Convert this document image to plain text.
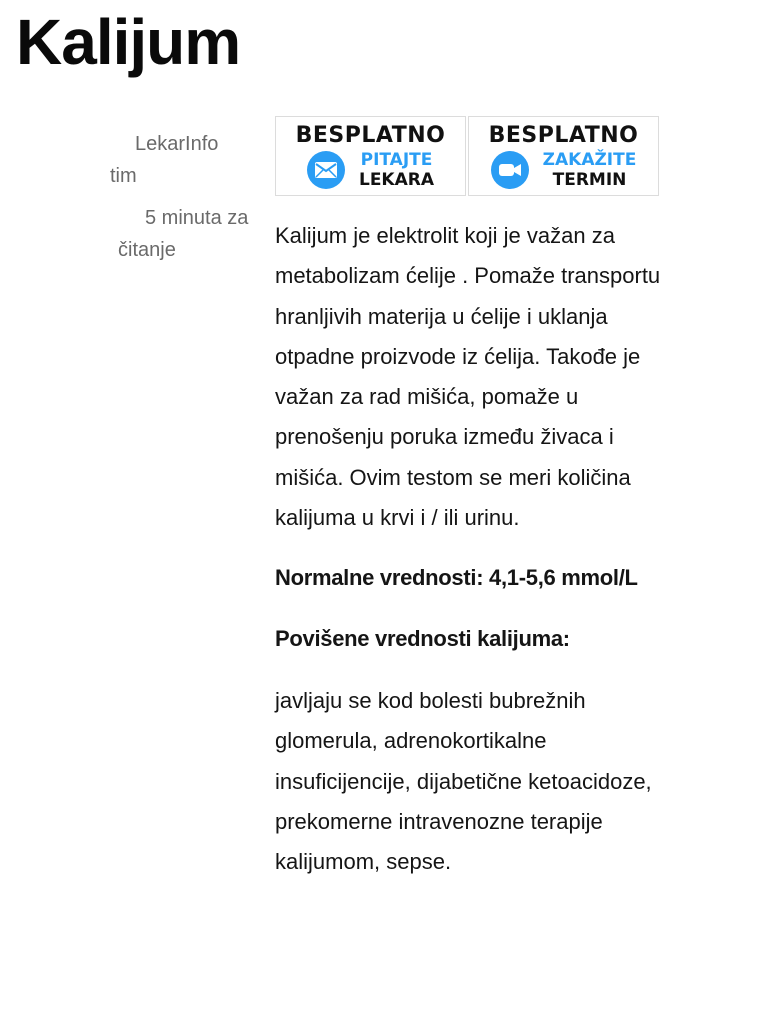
Kalijum
LekarInfo tim
5 minuta za čitanje
BESPLATNO
PITAJTE
LEKARA
BESPLATNO
ZAKAŽITE
TERMIN

Kalijum je elektrolit koji je važan za metabolizam ćelije . Pomaže transportu hranljivih materija u ćelije i uklanja otpadne proizvode iz ćelija. Takođe je važan za rad mišića, pomaže u prenošenju poruka između živaca i mišića. Ovim testom se meri količina kalijuma u krvi i / ili urinu.

Normalne vrednosti: 4,1-5,6 mmol/L

Povišene vrednosti kalijuma:

javljaju se kod bolesti bubrežnih glomerula, adrenokortikalne insuficijencije, dijabetične ketoacidoze, prekomerne intravenozne terapije kalijumom, sepse.
